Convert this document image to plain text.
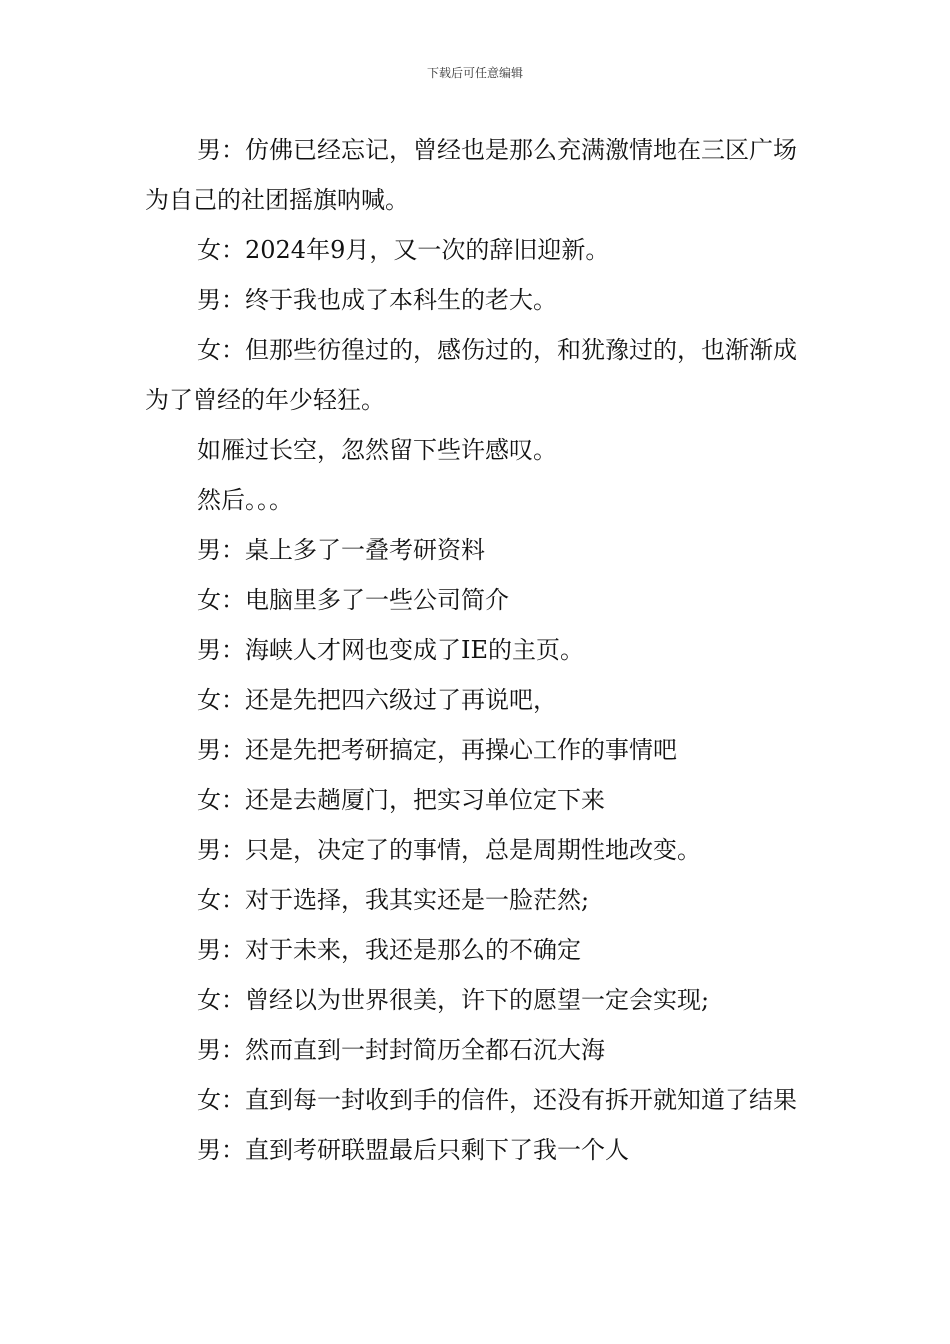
下载后可任意编辑

男：仿佛已经忘记，曾经也是那么充满激情地在三区广场为自己的社团摇旗呐喊。

女：2024年9月，又一次的辞旧迎新。

男：终于我也成了本科生的老大。

女：但那些彷徨过的，感伤过的，和犹豫过的，也渐渐成为了曾经的年少轻狂。

如雁过长空，忽然留下些许感叹。

然后。。。

男：桌上多了一叠考研资料

女：电脑里多了一些公司简介

男：海峡人才网也变成了IE的主页。

女：还是先把四六级过了再说吧，

男：还是先把考研搞定，再操心工作的事情吧

女：还是去趟厦门，把实习单位定下来

男：只是，决定了的事情，总是周期性地改变。

女：对于选择，我其实还是一脸茫然;

男：对于未来，我还是那么的不确定

女：曾经以为世界很美，许下的愿望一定会实现;

男：然而直到一封封简历全都石沉大海

女：直到每一封收到手的信件，还没有拆开就知道了结果

男：直到考研联盟最后只剩下了我一个人
